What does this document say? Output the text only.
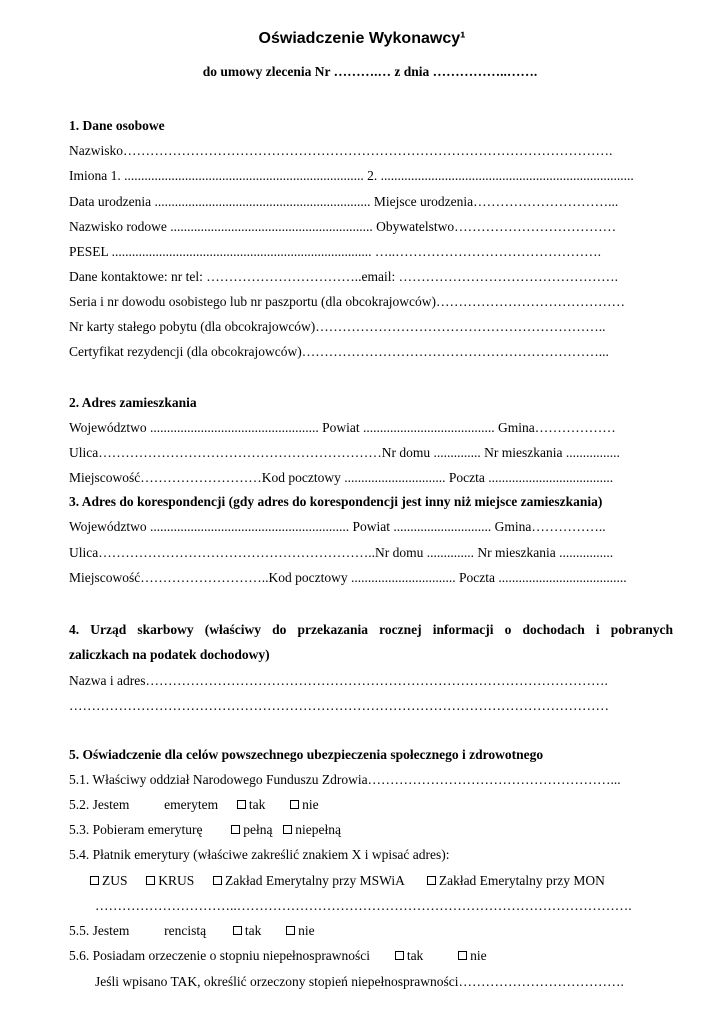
Oświadczenie Wykonawcy¹
do umowy zlecenia Nr ……….… z dnia ……………..…….
1. Dane osobowe
Nazwisko……………………………………………………………………………………………….
Imiona 1. ....................................................................... 2. ...........................................................................
Data urodzenia ................................................................ Miejsce urodzenia…………………………...
Nazwisko rodowe ............................................................ Obywatelstwo………………………………
PESEL ............................................................................. …..……………………………………….
Dane kontaktowe: nr tel: ……………………………..email: ………………………………………….
Seria i nr dowodu osobistego lub nr paszportu (dla obcokrajowców)……………………………………
Nr karty stałego pobytu (dla obcokrajowców)………………………………………………………..
Certyfikat rezydencji (dla obcokrajowców)…………………………………………………………...
2. Adres zamieszkania
Województwo .................................................. Powiat ....................................... Gmina………………
Ulica………………………………………………………Nr domu .............. Nr mieszkania ................
Miejscowość………………………Kod pocztowy .............................. Poczta .....................................
3. Adres do korespondencji (gdy adres do korespondencji jest inny niż miejsce zamieszkania)
Województwo ........................................................... Powiat ............................. Gmina……………..
Ulica……………………………………………………..Nr domu .............. Nr mieszkania ................
Miejscowość………………………..Kod pocztowy ............................... Poczta ......................................
4. Urząd skarbowy (właściwy do przekazania rocznej informacji o dochodach i pobranych
zaliczkach na podatek dochodowy)
Nazwa i adres………………………………………………………………………………………….
…………………………………………………………………………………………………………
5. Oświadczenie dla celów powszechnego ubezpieczenia społecznego i zdrowotnego
5.1. Właściwy oddział Narodowego Funduszu Zdrowia………………………………………………...
5.2. Jestem	emerytem tak	nie
5.3. Pobieram emeryturę	pełną niepełną
5.4. Płatnik emerytury (właściwe zakreślić znakiem X i wpisać adres):
ZUS KRUS Zakład Emerytalny przy MSWiA	Zakład Emerytalny przy MON
…………………………..…………………………………………………………………………….
5.5. Jestem	rencistą	tak	nie
5.6. Posiadam orzeczenie o stopniu niepełnosprawności	tak	nie
Jeśli wpisano TAK, określić orzeczony stopień niepełnosprawności……………………………….
